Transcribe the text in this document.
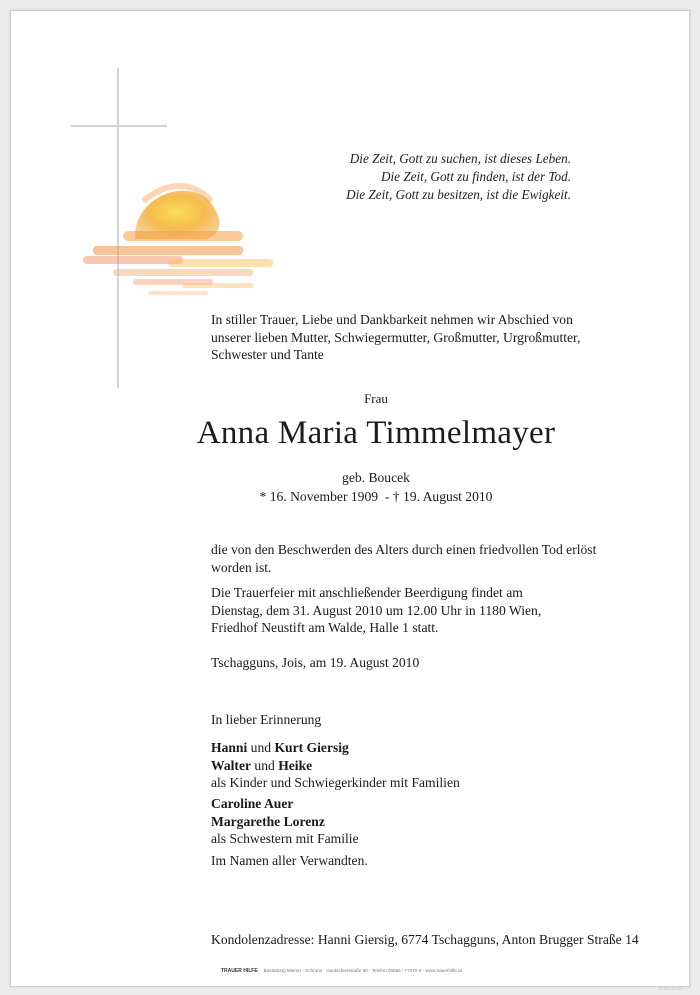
Die Zeit, Gott zu suchen, ist dieses Leben.
Die Zeit, Gott zu finden, ist der Tod.
Die Zeit, Gott zu besitzen, ist die Ewigkeit.
In stiller Trauer, Liebe und Dankbarkeit nehmen wir Abschied von
unserer lieben Mutter, Schwiegermutter, Großmutter, Urgroßmutter,
Schwester und Tante
Frau
Anna Maria Timmelmayer
geb. Boucek
* 16. November 1909  - † 19. August 2010
die von den Beschwerden des Alters durch einen friedvollen Tod erlöst
worden ist.
Die Trauerfeier mit anschließender Beerdigung findet am
Dienstag, dem 31. August 2010 um 12.00 Uhr in 1180 Wien,
Friedhof Neustift am Walde, Halle 1 statt.
Tschagguns, Jois, am 19. August 2010
In lieber Erinnerung
Hanni und Kurt Giersig
Walter und Heike
als Kinder und Schwiegerkinder mit Familien
Caroline Auer
Margarethe Lorenz
als Schwestern mit Familie
Im Namen aller Verwandten.
Kondolenzadresse: Hanni Giersig, 6774 Tschagguns, Anton Brugger Straße 14
TRAUER HILFE Bestattung Mierert · Schruns · Gantschierstraße 80 · Telefon 05556 / 77070-0 · www.trauerhilfe.at
ID 09 14 0 8
